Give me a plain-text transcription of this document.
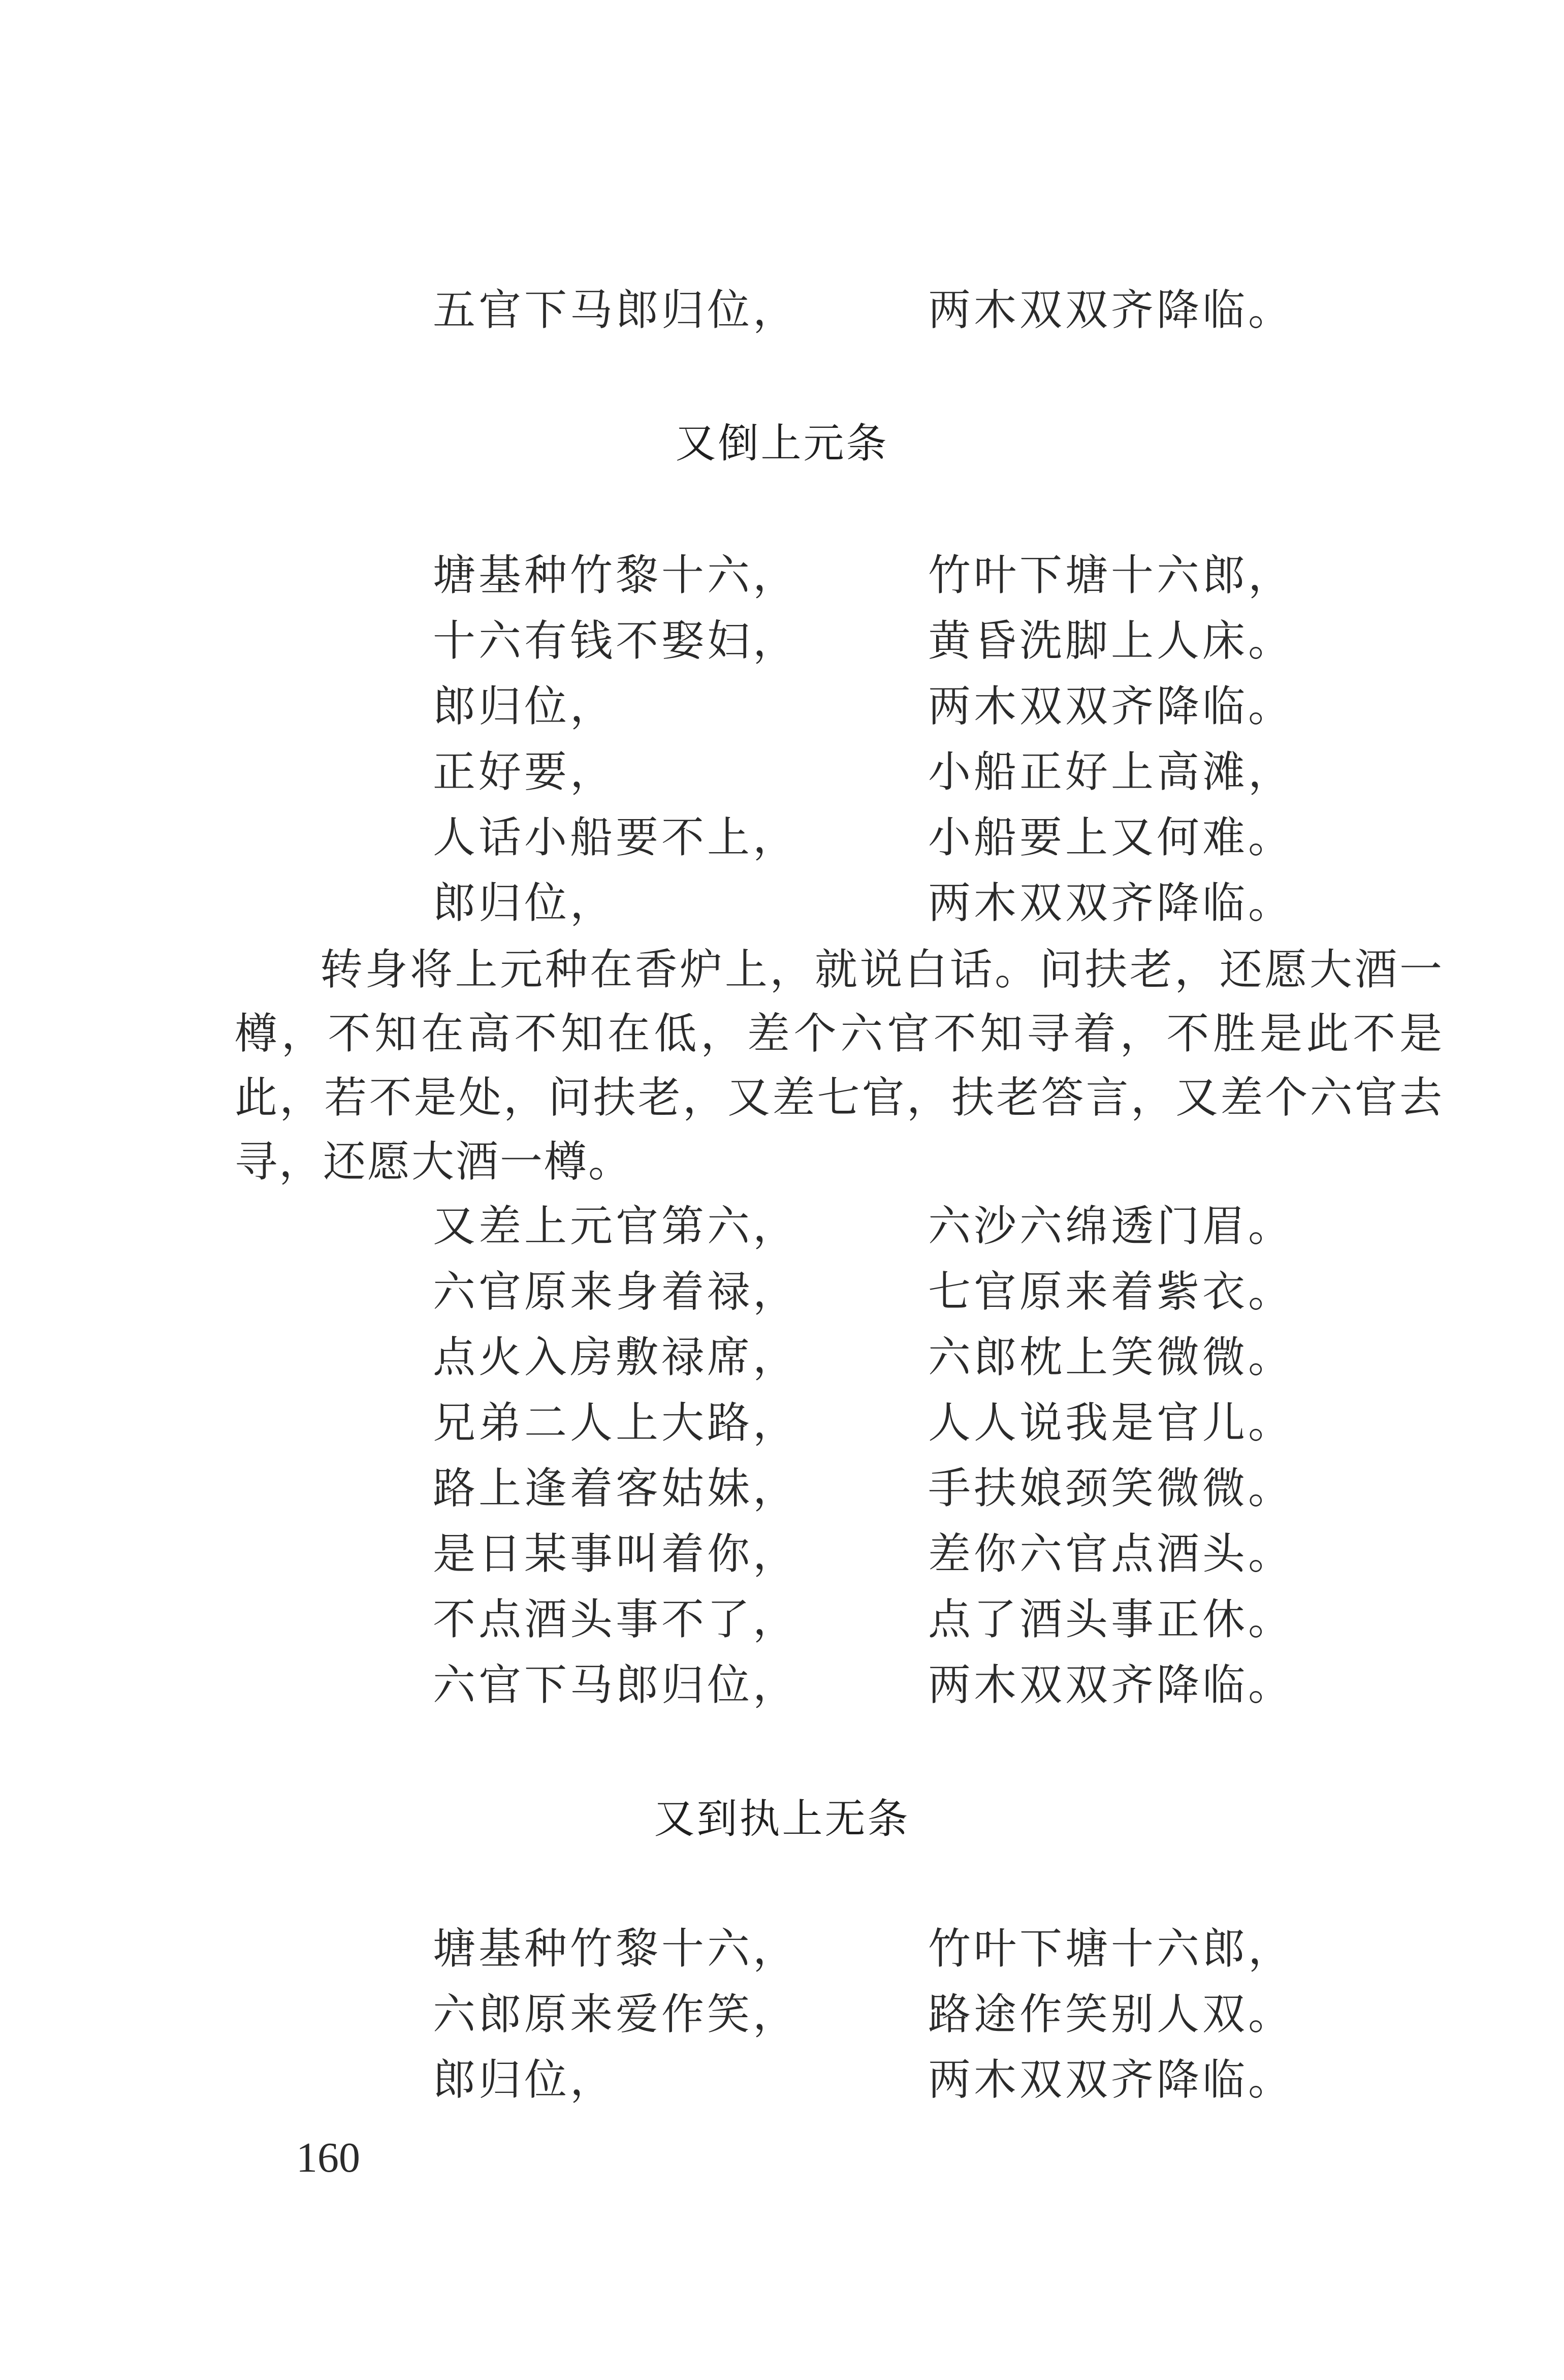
五官下马郎归位，	两木双双齐降临。
又倒上元条
塘基种竹黎十六，	竹叶下塘十六郎，
十六有钱不娶妇，	黄昏洗脚上人床。
郎归位，	两木双双齐降临。
正好要，	小船正好上高滩，
人话小船要不上，	小船要上又何难。
郎归位，	两木双双齐降临。
转身将上元种在香炉上，就说白话。问扶老，还愿大酒一樽，不知在高不知在低，差个六官不知寻着，不胜是此不是此，若不是处，问扶老，又差七官，扶老答言，又差个六官去寻，还愿大酒一樽。
又差上元官第六，	六沙六绵透门眉。
六官原来身着禄，	七官原来着紫衣。
点火入房敷禄席，	六郎枕上笑微微。
兄弟二人上大路，	人人说我是官儿。
路上逢着客姑妹，	手扶娘颈笑微微。
是日某事叫着你，	差你六官点酒头。
不点酒头事不了，	点了酒头事正休。
六官下马郎归位，	两木双双齐降临。
又到执上无条
塘基种竹黎十六，	竹叶下塘十六郎，
六郎原来爱作笑，	路途作笑别人双。
郎归位，	两木双双齐降临。
160
